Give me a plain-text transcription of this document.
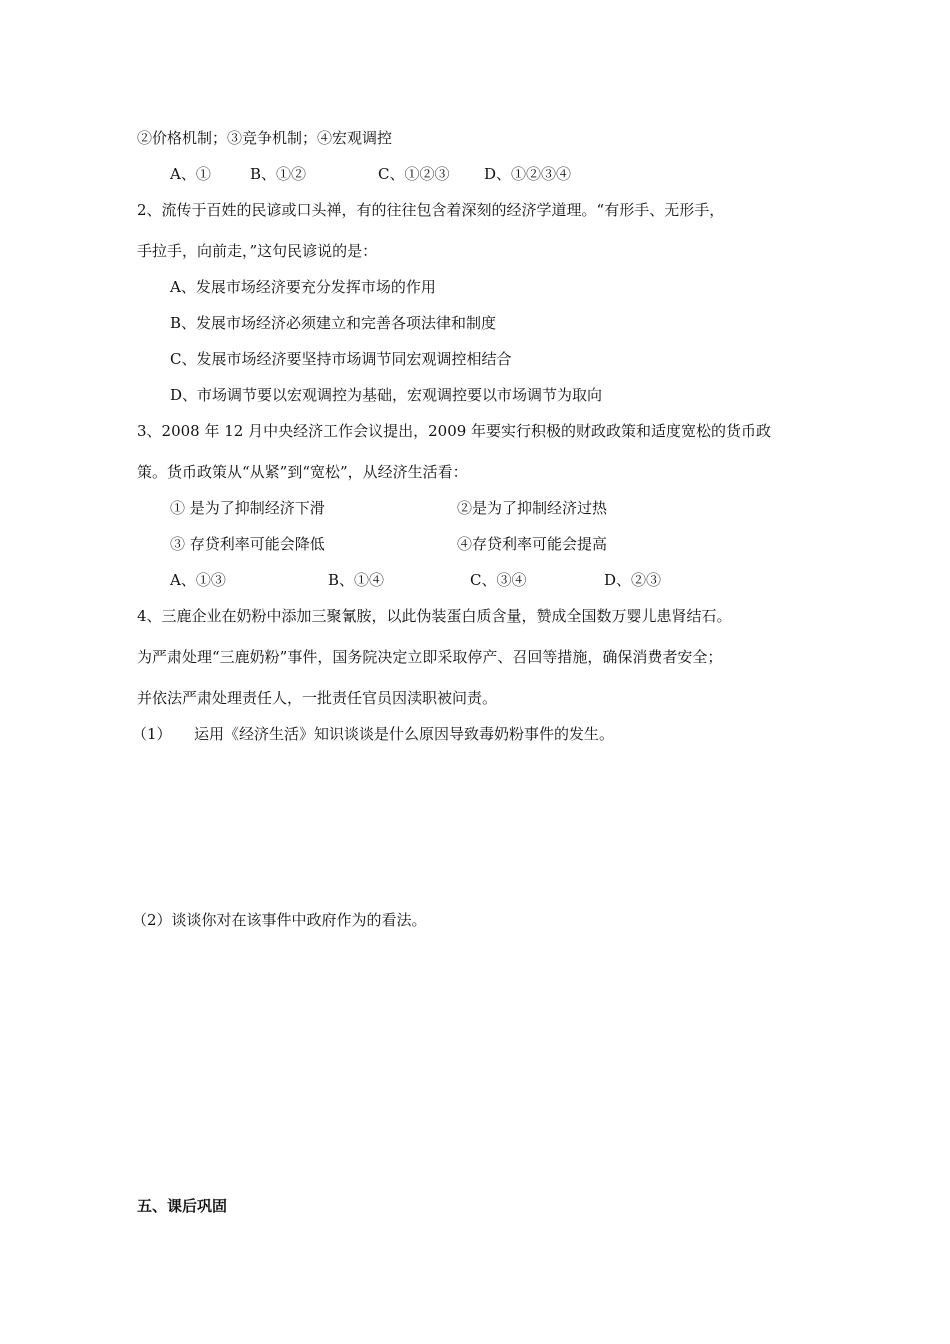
②价格机制；③竞争机制；④宏观调控
A、①	B、①②	C、①②③ D、①②③④
2、流传于百姓的民谚或口头禅，有的往往包含着深刻的经济学道理。“有形手、无形手，
手拉手，向前走，”这句民谚说的是：
A、发展市场经济要充分发挥市场的作用
B、发展市场经济必须建立和完善各项法律和制度
C、发展市场经济要坚持市场调节同宏观调控相结合
D、市场调节要以宏观调控为基础，宏观调控要以市场调节为取向
3、2008 年 12 月中央经济工作会议提出，2009 年要实行积极的财政政策和适度宽松的货币政
策。货币政策从“从紧”到“宽松”，从经济生活看：
① 是为了抑制经济下滑	②是为了抑制经济过热
③ 存贷利率可能会降低	④存贷利率可能会提高
A、①③	B、①④	C、③④	D、②③
4、三鹿企业在奶粉中添加三聚氰胺，以此伪装蛋白质含量，赞成全国数万婴儿患肾结石。
为严肃处理“三鹿奶粉”事件，国务院决定立即采取停产、召回等措施，确保消费者安全；
并依法严肃处理责任人，一批责任官员因渎职被问责。
（1） 运用《经济生活》知识谈谈是什么原因导致毒奶粉事件的发生。
（2）谈谈你对在该事件中政府作为的看法。
五、课后巩固
